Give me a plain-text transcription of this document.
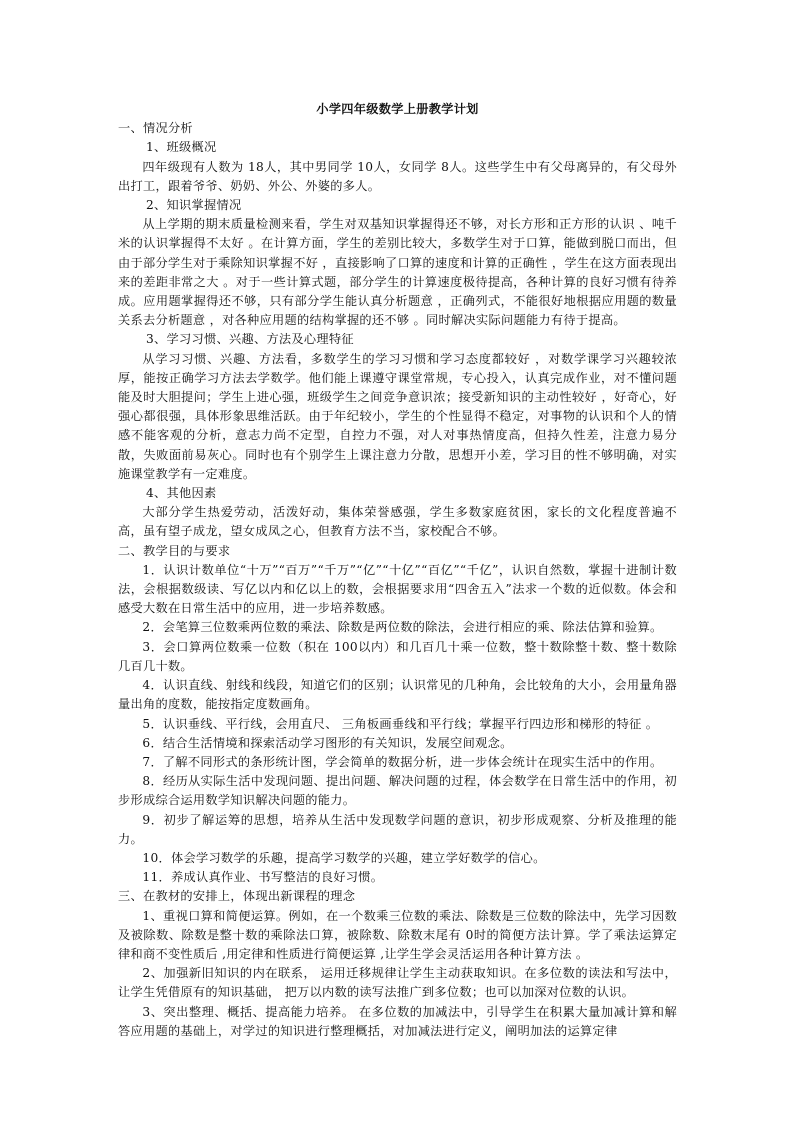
小学四年级数学上册教学计划

一、情况分析

1、班级概况

四年级现有人数为 18人，其中男同学 10人，女同学 8人。这些学生中有父母离异的，有父母外出打工，跟着爷爷、奶奶、外公、外婆的多人。

2、知识掌握情况

从上学期的期末质量检测来看，学生对双基知识掌握得还不够，对长方形和正方形的认识 、吨千米的认识掌握得不太好 。在计算方面，学生的差别比较大，多数学生对于口算，能做到脱口而出，但由于部分学生对于乘除知识掌握不好 ，直接影响了口算的速度和计算的正确性 ，学生在这方面表现出来的差距非常之大 。对于一些计算式题，部分学生的计算速度极待提高，各种计算的良好习惯有待养成。应用题掌握得还不够，只有部分学生能认真分析题意 ，正确列式，不能很好地根据应用题的数量关系去分析题意 ，对各种应用题的结构掌握的还不够 。同时解决实际问题能力有待于提高。

3、学习习惯、兴趣、方法及心理特征

从学习习惯、兴趣、方法看，多数学生的学习习惯和学习态度都较好 ，对数学课学习兴趣较浓厚，能按正确学习方法去学数学。他们能上课遵守课堂常规，专心投入，认真完成作业，对不懂问题能及时大胆提问；学生上进心强，班级学生之间竞争意识浓；接受新知识的主动性较好 ，好奇心，好强心都很强，具体形象思维活跃。由于年纪较小，学生的个性显得不稳定，对事物的认识和个人的情感不能客观的分析，意志力尚不定型，自控力不强，对人对事热情度高，但持久性差，注意力易分散，失败面前易灰心。同时也有个别学生上课注意力分散，思想开小差，学习目的性不够明确，对实施课堂教学有一定难度。

4、其他因素

大部分学生热爱劳动，活泼好动，集体荣誉感强，学生多数家庭贫困，家长的文化程度普遍不高，虽有望子成龙，望女成凤之心，但教育方法不当，家校配合不够。

二、教学目的与要求

1．认识计数单位“十万”“百万”“千万”“亿”“十亿”“百亿”“千亿”，认识自然数，掌握十进制计数法，会根据数级读、写亿以内和亿以上的数，会根据要求用“四舍五入”法求一个数的近似数。体会和感受大数在日常生活中的应用，进一步培养数感。

2．会笔算三位数乘两位数的乘法、除数是两位数的除法，会进行相应的乘、除法估算和验算。

3．会口算两位数乘一位数（积在 100以内）和几百几十乘一位数，整十数除整十数、整十数除几百几十数。

4．认识直线、射线和线段，知道它们的区别；认识常见的几种角，会比较角的大小，会用量角器量出角的度数，能按指定度数画角。

5．认识垂线、平行线，会用直尺、 三角板画垂线和平行线；掌握平行四边形和梯形的特征 。

6．结合生活情境和探索活动学习图形的有关知识，发展空间观念。

7．了解不同形式的条形统计图，学会简单的数据分析，进一步体会统计在现实生活中的作用。

8．经历从实际生活中发现问题、提出问题、解决问题的过程，体会数学在日常生活中的作用，初步形成综合运用数学知识解决问题的能力。

9．初步了解运筹的思想，培养从生活中发现数学问题的意识，初步形成观察、分析及推理的能力。

10．体会学习数学的乐趣，提高学习数学的兴趣，建立学好数学的信心。

11．养成认真作业、书写整洁的良好习惯。

三、在教材的安排上，体现出新课程的理念

1、重视口算和简便运算。例如，在一个数乘三位数的乘法、除数是三位数的除法中，先学习因数及被除数、除数是整十数的乘除法口算，被除数、除数末尾有 0时的简便方法计算。学了乘法运算定律和商不变性质后 ,用定律和性质进行简便运算 ,让学生学会灵活运用各种计算方法 。

2、加强新旧知识的内在联系， 运用迁移规律让学生主动获取知识。在多位数的读法和写法中，让学生凭借原有的知识基础， 把万以内数的读写法推广到多位数；也可以加深对位数的认识。

3、突出整理、概括、提高能力培养。 在多位数的加减法中，引导学生在积累大量加减计算和解答应用题的基础上，对学过的知识进行整理概括，对加减法进行定义，阐明加法的运算定律
